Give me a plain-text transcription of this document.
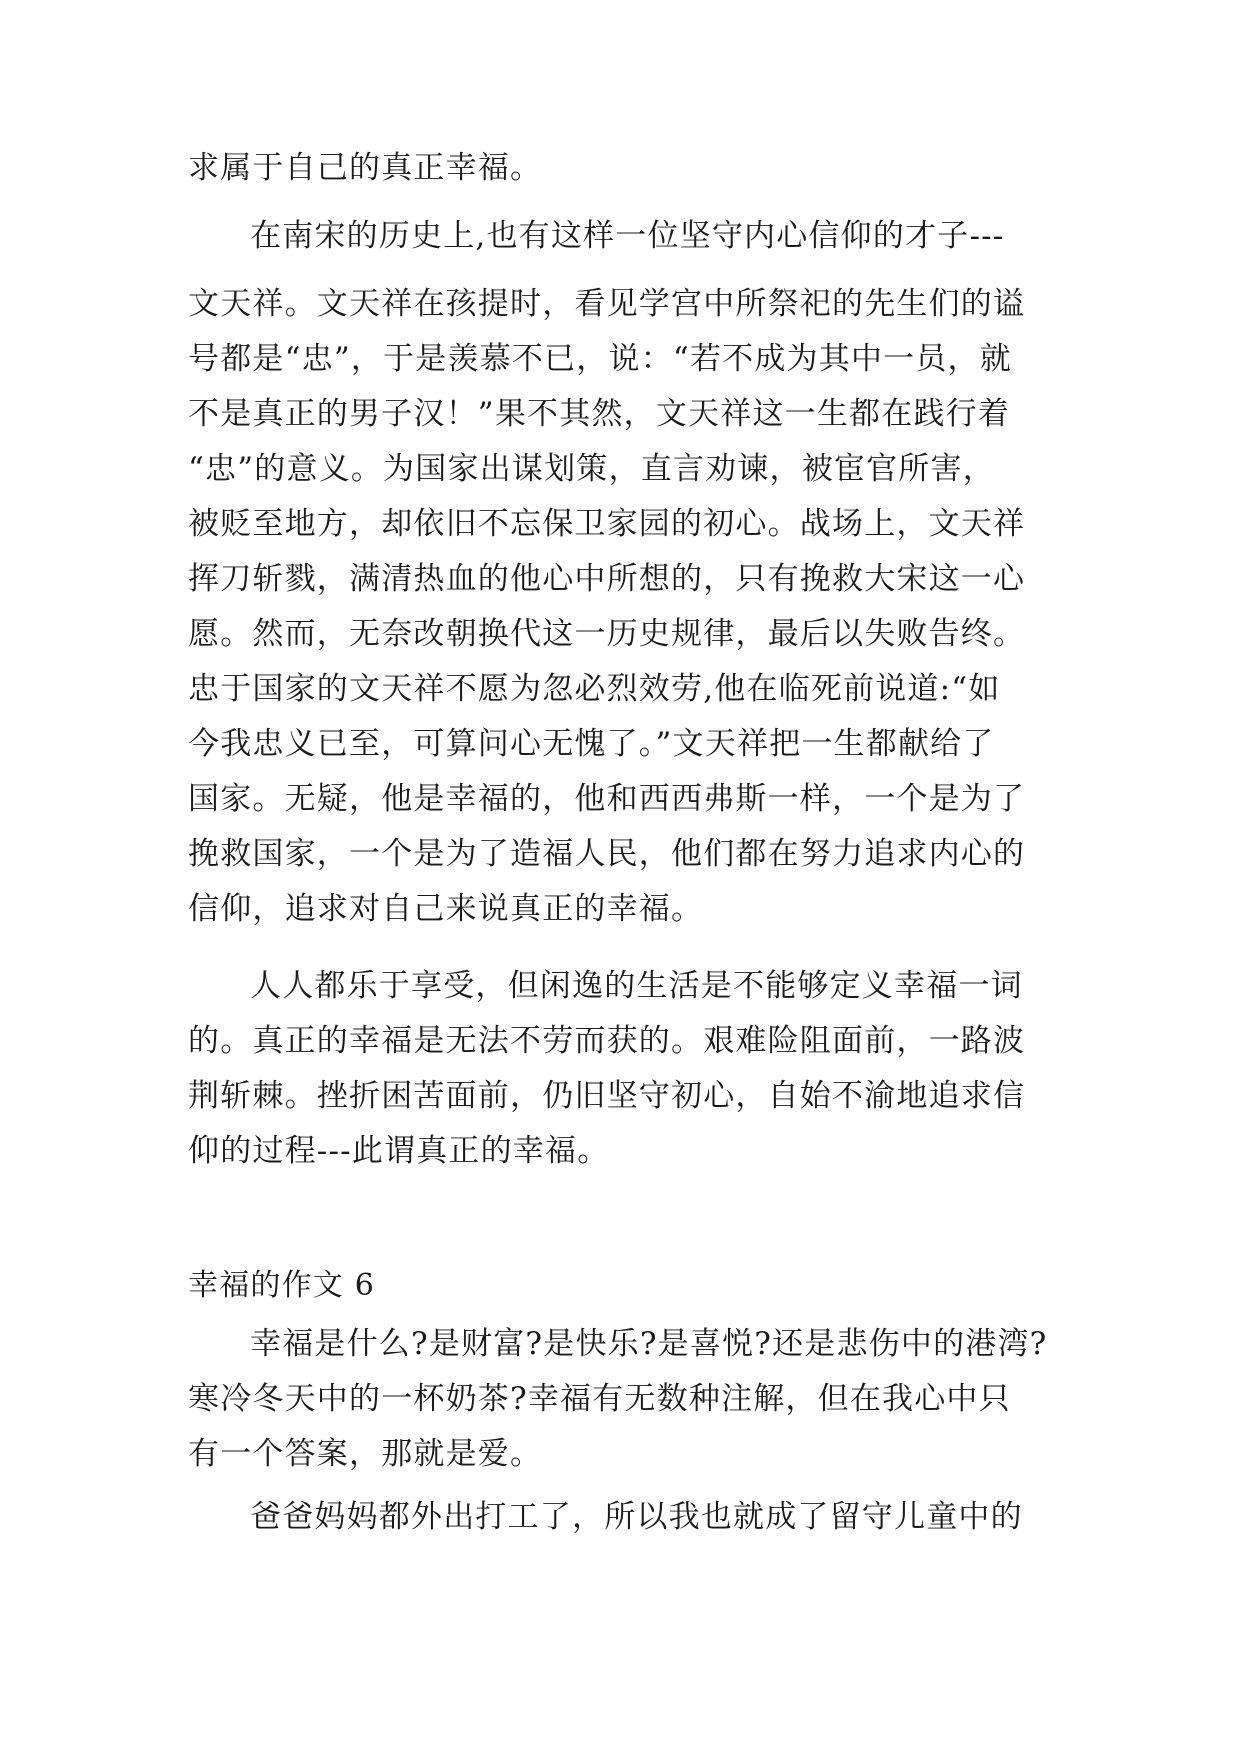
求属于自己的真正幸福。
在南宋的历史上,也有这样一位坚守内心信仰的才子---
文天祥。文天祥在孩提时，看见学宫中所祭祀的先生们的谥
号都是“忠”，于是羡慕不已，说：“若不成为其中一员，就
不是真正的男子汉！”果不其然，文天祥这一生都在践行着
“忠”的意义。为国家出谋划策，直言劝谏，被宦官所害，
被贬至地方，却依旧不忘保卫家园的初心。战场上，文天祥
挥刀斩戮，满清热血的他心中所想的，只有挽救大宋这一心
愿。然而，无奈改朝换代这一历史规律，最后以失败告终。
忠于国家的文天祥不愿为忽必烈效劳,他在临死前说道:“如
今我忠义已至，可算问心无愧了。”文天祥把一生都献给了
国家。无疑，他是幸福的，他和西西弗斯一样，一个是为了
挽救国家，一个是为了造福人民，他们都在努力追求内心的
信仰，追求对自己来说真正的幸福。
人人都乐于享受，但闲逸的生活是不能够定义幸福一词
的。真正的幸福是无法不劳而获的。艰难险阻面前，一路波
荆斩棘。挫折困苦面前，仍旧坚守初心，自始不渝地追求信
仰的过程---此谓真正的幸福。
幸福的作文 6
幸福是什么?是财富?是快乐?是喜悦?还是悲伤中的港湾?
寒冷冬天中的一杯奶茶?幸福有无数种注解，但在我心中只
有一个答案，那就是爱。
爸爸妈妈都外出打工了，所以我也就成了留守儿童中的
